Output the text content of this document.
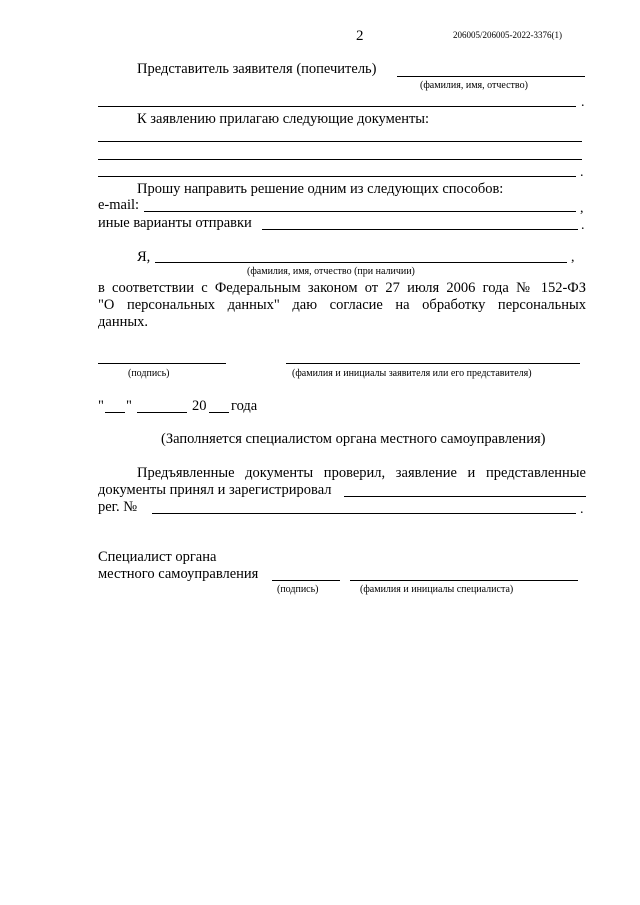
2	206005/206005-2022-3376(1)
Представитель заявителя (попечитель)
(фамилия, имя, отчество)
.
К заявлению прилагаю следующие документы:
.
Прошу направить решение одним из следующих способов:
e-mail:	,
иные варианты отправки	.
Я,	,
(фамилия, имя, отчество (при наличии)
в соответствии с Федеральным законом от 27 июля 2006 года № 152-ФЗ
"О персональных данных" даю согласие на обработку персональных
данных.
(подпись)	(фамилия и инициалы заявителя или его представителя)
" "	20 года
(Заполняется специалистом органа местного самоуправления)
Предъявленные документы проверил, заявление и представленные
документы принял и зарегистрировал
рег. №	.
Специалист органа
местного самоуправления
(подпись)	(фамилия и инициалы специалиста)
